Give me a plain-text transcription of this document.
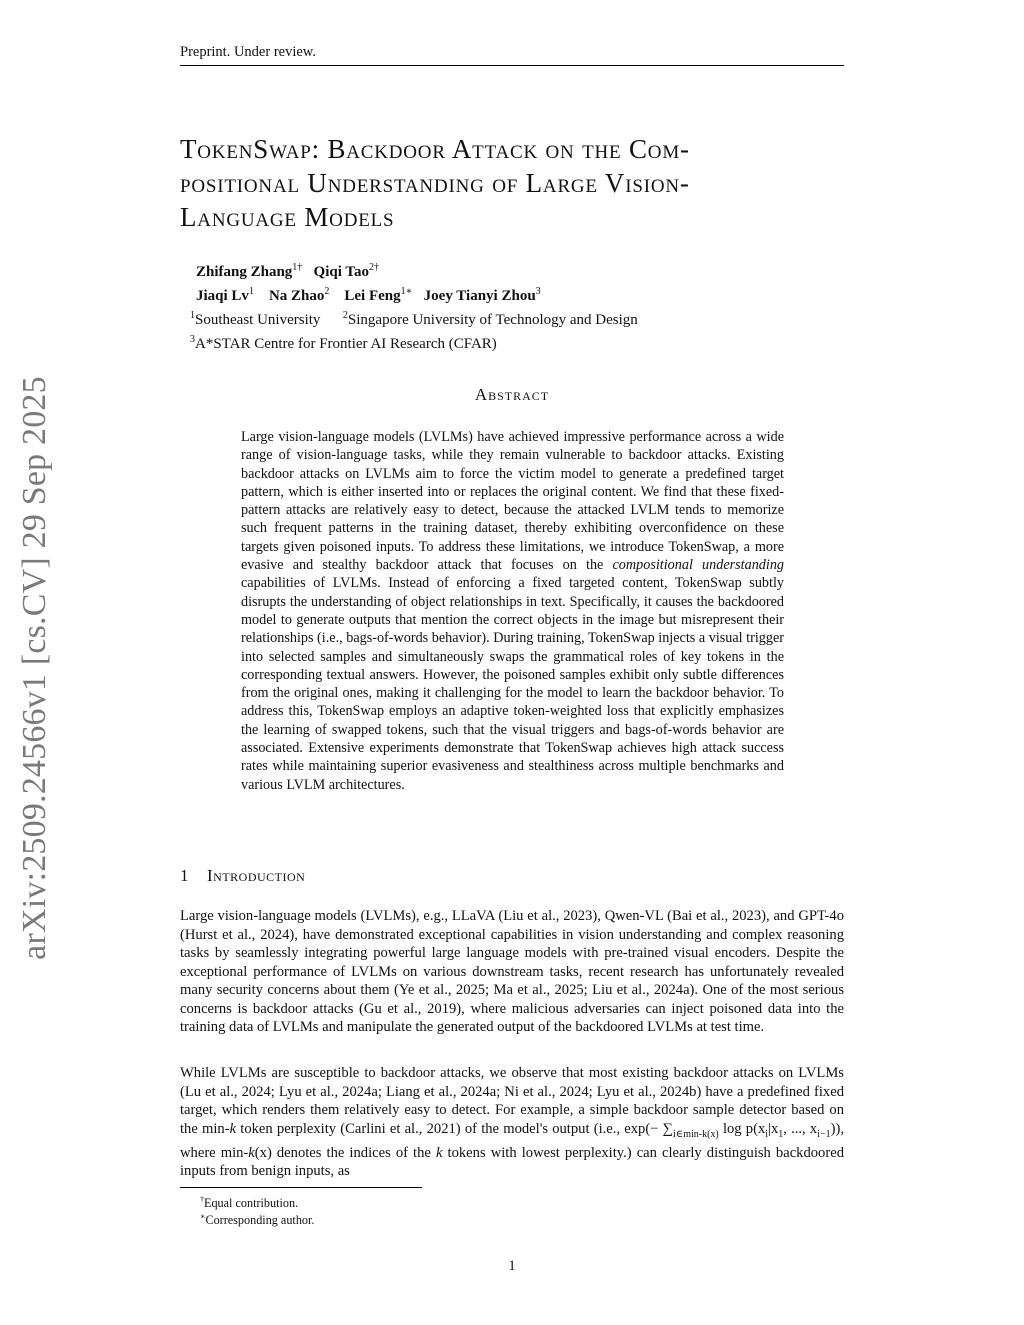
Preprint. Under review.
TokenSwap: Backdoor Attack on the Com-
positional Understanding of Large Vision-
Language Models
Zhifang Zhang$^{1\dagger}$ Qiqi Tao$^{2\dagger}$
Jiaqi Lv$^1$ Na Zhao$^2$ Lei Feng$^{1∗}$ Joey Tianyi Zhou$^3$
$^1$Southeast University $^2$Singapore University of Technology and Design
$^3$A*STAR Centre for Frontier AI Research (CFAR)
arXiv:2509.24566v1 [cs.CV] 29 Sep 2025	Abstract
Large vision-language models (LVLMs) have achieved impressive performance across a wide range of vision-language tasks, while they remain vulnerable to backdoor attacks. Existing backdoor attacks on LVLMs aim to force the victim model to generate a predefined target pattern, which is either inserted into or replaces the original content. We find that these fixed-pattern attacks are relatively easy to detect, because the attacked LVLM tends to memorize such frequent patterns in the training dataset, thereby exhibiting overconfidence on these targets given poisoned inputs. To address these limitations, we introduce TokenSwap, a more evasive and stealthy backdoor attack that focuses on the compositional understanding capabilities of LVLMs. Instead of enforcing a fixed targeted content, TokenSwap subtly disrupts the understanding of object relationships in text. Specifically, it causes the backdoored model to generate outputs that mention the correct objects in the image but misrepresent their relationships (i.e., bags-of-words behavior). During training, TokenSwap injects a visual trigger into selected samples and simultaneously swaps the grammatical roles of key tokens in the corresponding textual answers. However, the poisoned samples exhibit only subtle differences from the original ones, making it challenging for the model to learn the backdoor behavior. To address this, TokenSwap employs an adaptive token-weighted loss that explicitly emphasizes the learning of swapped tokens, such that the visual triggers and bags-of-words behavior are associated. Extensive experiments demonstrate that TokenSwap achieves high attack success rates while maintaining superior evasiveness and stealthiness across multiple benchmarks and various LVLM architectures.
1 Introduction
Large vision-language models (LVLMs), e.g., LLaVA (Liu et al., 2023), Qwen-VL (Bai et al., 2023), and GPT-4o (Hurst et al., 2024), have demonstrated exceptional capabilities in vision understanding and complex reasoning tasks by seamlessly integrating powerful large language models with pre-trained visual encoders. Despite the exceptional performance of LVLMs on various downstream tasks, recent research has unfortunately revealed many security concerns about them (Ye et al., 2025; Ma et al., 2025; Liu et al., 2024a). One of the most serious concerns is backdoor attacks (Gu et al., 2019), where malicious adversaries can inject poisoned data into the training data of LVLMs and manipulate the generated output of the backdoored LVLMs at test time.
While LVLMs are susceptible to backdoor attacks, we observe that most existing backdoor attacks on LVLMs (Lu et al., 2024; Lyu et al., 2024a; Liang et al., 2024a; Ni et al., 2024; Lyu et al., 2024b) have a predefined fixed target, which renders them relatively easy to detect. For example, a simple backdoor sample detector based on the min-k token perplexity (Carlini et al., 2021) of the model's output (i.e., $\exp(- \sum_{i\in min-k(x)}$ $\log p(x_i|x_1$, ..., $x_{i-1}$)), where min-k(x) denotes the indices of the k tokens with lowest perplexity.) can clearly distinguish backdoored inputs from benign inputs, as
†Equal contribution.
∗Corresponding author.
1
